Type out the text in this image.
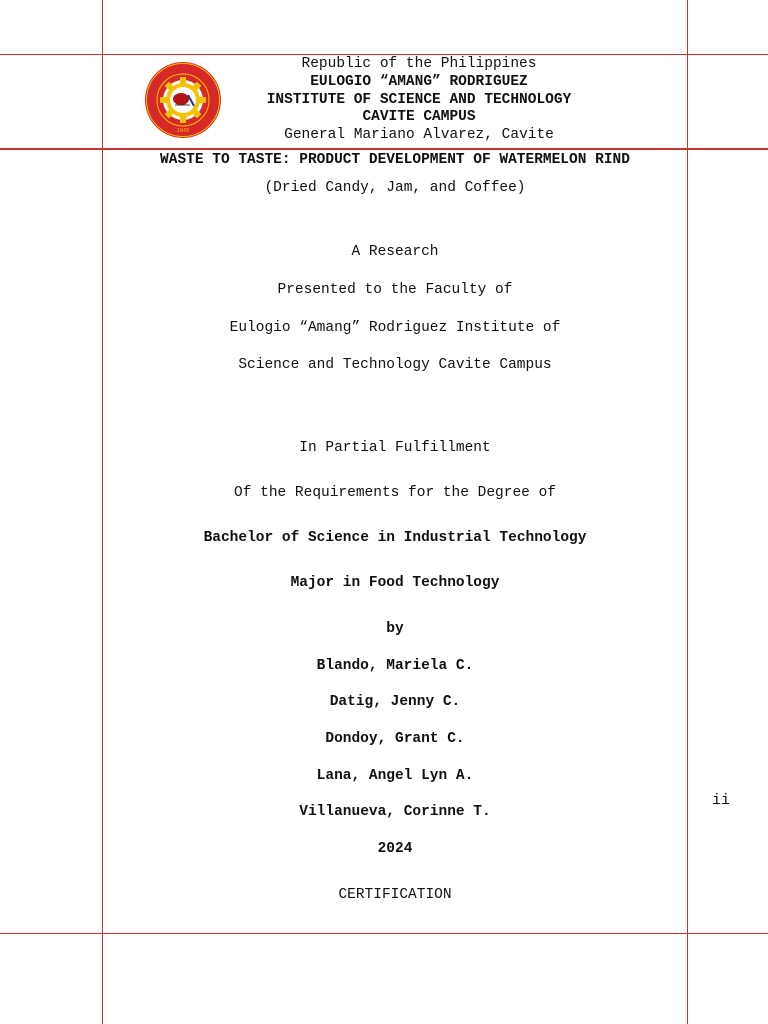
1945
Republic of the Philippines
EULOGIO “AMANG” RODRIGUEZ
INSTITUTE OF SCIENCE AND TECHNOLOGY
CAVITE CAMPUS
General Mariano Alvarez, Cavite
WASTE TO TASTE: PRODUCT DEVELOPMENT OF WATERMELON RIND
(Dried Candy, Jam, and Coffee)
A Research
Presented to the Faculty of
Eulogio “Amang” Rodriguez Institute of
Science and Technology Cavite Campus
In Partial Fulfillment
Of the Requirements for the Degree of
Bachelor of Science in Industrial Technology
Major in Food Technology
by
Blando, Mariela C.
Datig, Jenny C.
Dondoy, Grant C.
Lana, Angel Lyn A.
Villanueva, Corinne T.
2024
CERTIFICATION
ii
